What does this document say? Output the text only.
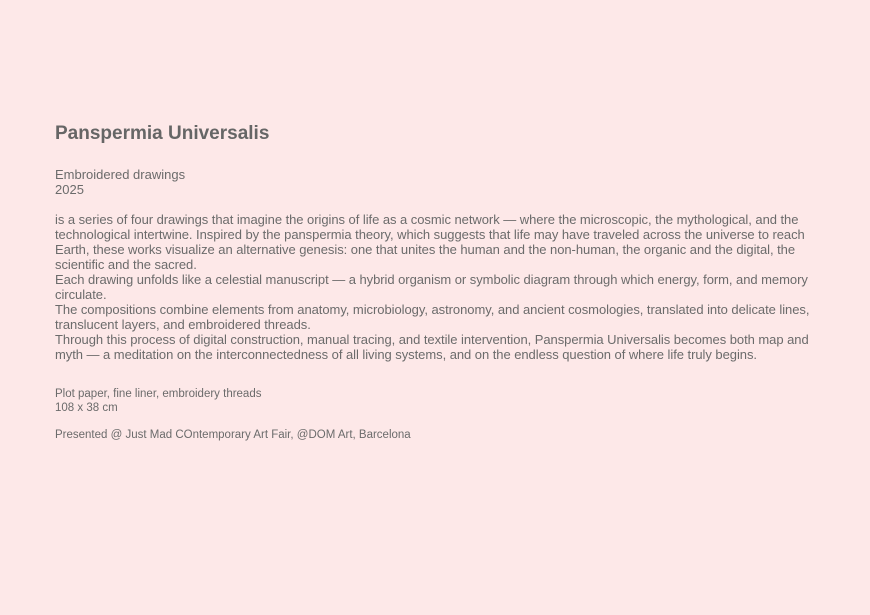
Panspermia Universalis
Embroidered drawings
2025

is a series of four drawings that imagine the origins of life as a cosmic network — where the microscopic, the mythological, and the technological intertwine. Inspired by the panspermia theory, which suggests that life may have traveled across the universe to reach Earth, these works visualize an alternative genesis: one that unites the human and the non-human, the organic and the digital, the scientific and the sacred.

Each drawing unfolds like a celestial manuscript — a hybrid organism or symbolic diagram through which energy, form, and memory circulate.

The compositions combine elements from anatomy, microbiology, astronomy, and ancient cosmologies, translated into delicate lines, translucent layers, and embroidered threads.

Through this process of digital construction, manual tracing, and textile intervention, Panspermia Universalis becomes both map and myth — a meditation on the interconnectedness of all living systems, and on the endless question of where life truly begins.

Plot paper, fine liner, embroidery threads
108 x 38 cm
Presented @ Just Mad COntemporary Art Fair, @DOM Art, Barcelona
